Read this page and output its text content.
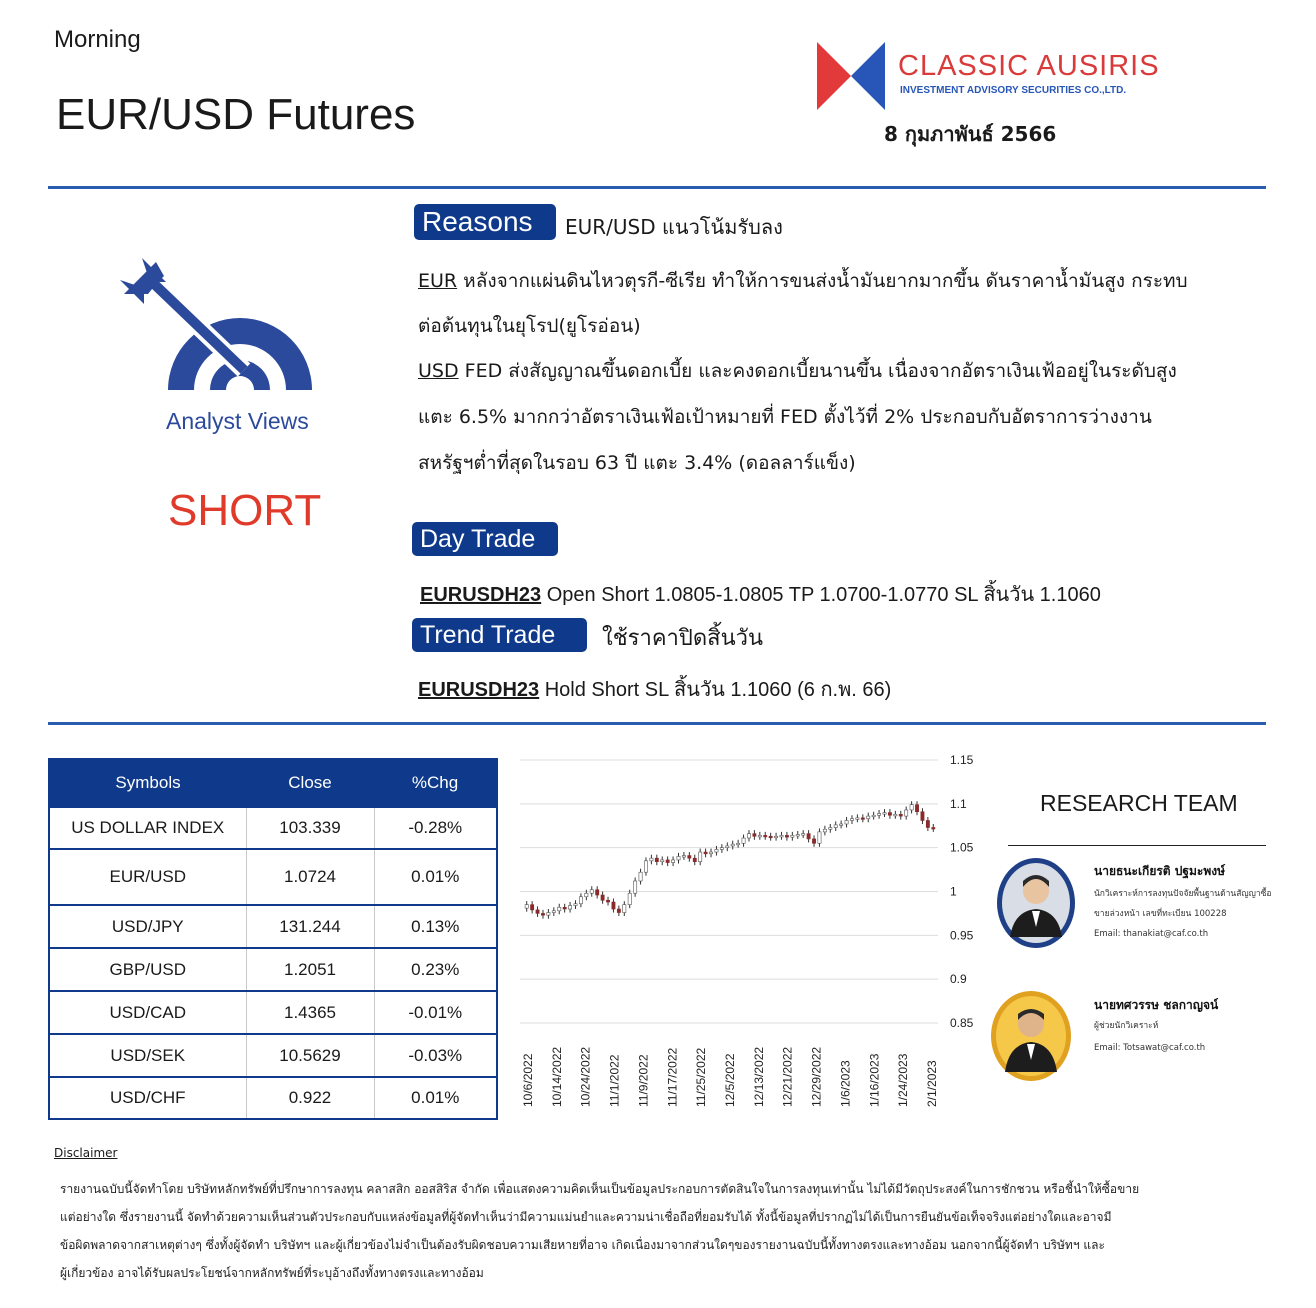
Morning
EUR/USD Futures
CLASSIC AUSIRIS
INVESTMENT ADVISORY SECURITIES CO.,LTD.
8 กุมภาพันธ์ 2566
Analyst Views
SHORT
Reasons	EUR/USD แนวโน้มรับลง
EUR หลังจากแผ่นดินไหวตุรกี-ซีเรีย ทำให้การขนส่งน้ำมันยากมากขึ้น ดันราคาน้ำมันสูง กระทบ
ต่อต้นทุนในยุโรป(ยูโรอ่อน)
USD FED ส่งสัญญาณขึ้นดอกเบี้ย และคงดอกเบี้ยนานขึ้น เนื่องจากอัตราเงินเฟ้ออยู่ในระดับสูง
แตะ 6.5% มากกว่าอัตราเงินเฟ้อเป้าหมายที่ FED ตั้งไว้ที่ 2% ประกอบกับอัตราการว่างงาน
สหรัฐฯต่ำที่สุดในรอบ 63 ปี แตะ 3.4% (ดอลลาร์แข็ง)
Day Trade
EURUSDH23 Open Short 1.0805-1.0805 TP 1.0700-1.0770 SL สิ้นวัน 1.1060
Trend Trade	ใช้ราคาปิดสิ้นวัน
EURUSDH23 Hold Short SL สิ้นวัน 1.1060 (6 ก.พ. 66)
Symbols	Close	%Chg
US DOLLAR INDEX	103.339	-0.28%
EUR/USD	1.0724	0.01%
USD/JPY	131.244	0.13%
GBP/USD	1.2051	0.23%
USD/CAD	1.4365	-0.01%
USD/SEK	10.5629	-0.03%
USD/CHF	0.922	0.01%
1.15
1.1
1.05
1
0.95
0.9
0.85
10/6/2022 10/14/2022 10/24/2022 11/1/2022 11/9/2022 11/17/2022 11/25/2022 12/5/2022 12/13/2022 12/21/2022 12/29/2022 1/6/2023 1/16/2023 1/24/2023 2/1/2023
RESEARCH TEAM
นายธนะเกียรติ ปฐมะพงษ์
นักวิเคราะห์การลงทุนปัจจัยพื้นฐานด้านสัญญาซื้อ
ขายล่วงหน้า เลขที่ทะเบียน 100228
Email: thanakiat@caf.co.th
นายทศวรรษ ชลกาญจน์
ผู้ช่วยนักวิเคราะห์
Email: Totsawat@caf.co.th
Disclaimer
รายงานฉบับนี้จัดทำโดย บริษัทหลักทรัพย์ที่ปรึกษาการลงทุน คลาสสิก ออสสิริส จำกัด เพื่อแสดงความคิดเห็นเป็นข้อมูลประกอบการตัดสินใจในการลงทุนเท่านั้น ไม่ได้มีวัตถุประสงค์ในการชักชวน หรือชี้นำให้ซื้อขาย
แต่อย่างใด ซึ่งรายงานนี้ จัดทำด้วยความเห็นส่วนตัวประกอบกับแหล่งข้อมูลที่ผู้จัดทำเห็นว่ามีความแม่นยำและความน่าเชื่อถือที่ยอมรับได้ ทั้งนี้ข้อมูลที่ปรากฏไม่ได้เป็นการยืนยันข้อเท็จจริงแต่อย่างใดและอาจมี
ข้อผิดพลาดจากสาเหตุต่างๆ ซึ่งทั้งผู้จัดทำ บริษัทฯ และผู้เกี่ยวข้องไม่จำเป็นต้องรับผิดชอบความเสียหายที่อาจ เกิดเนื่องมาจากส่วนใดๆของรายงานฉบับนี้ทั้งทางตรงและทางอ้อม นอกจากนี้ผู้จัดทำ บริษัทฯ และ
ผู้เกี่ยวข้อง อาจได้รับผลประโยชน์จากหลักทรัพย์ที่ระบุอ้างถึงทั้งทางตรงและทางอ้อม
